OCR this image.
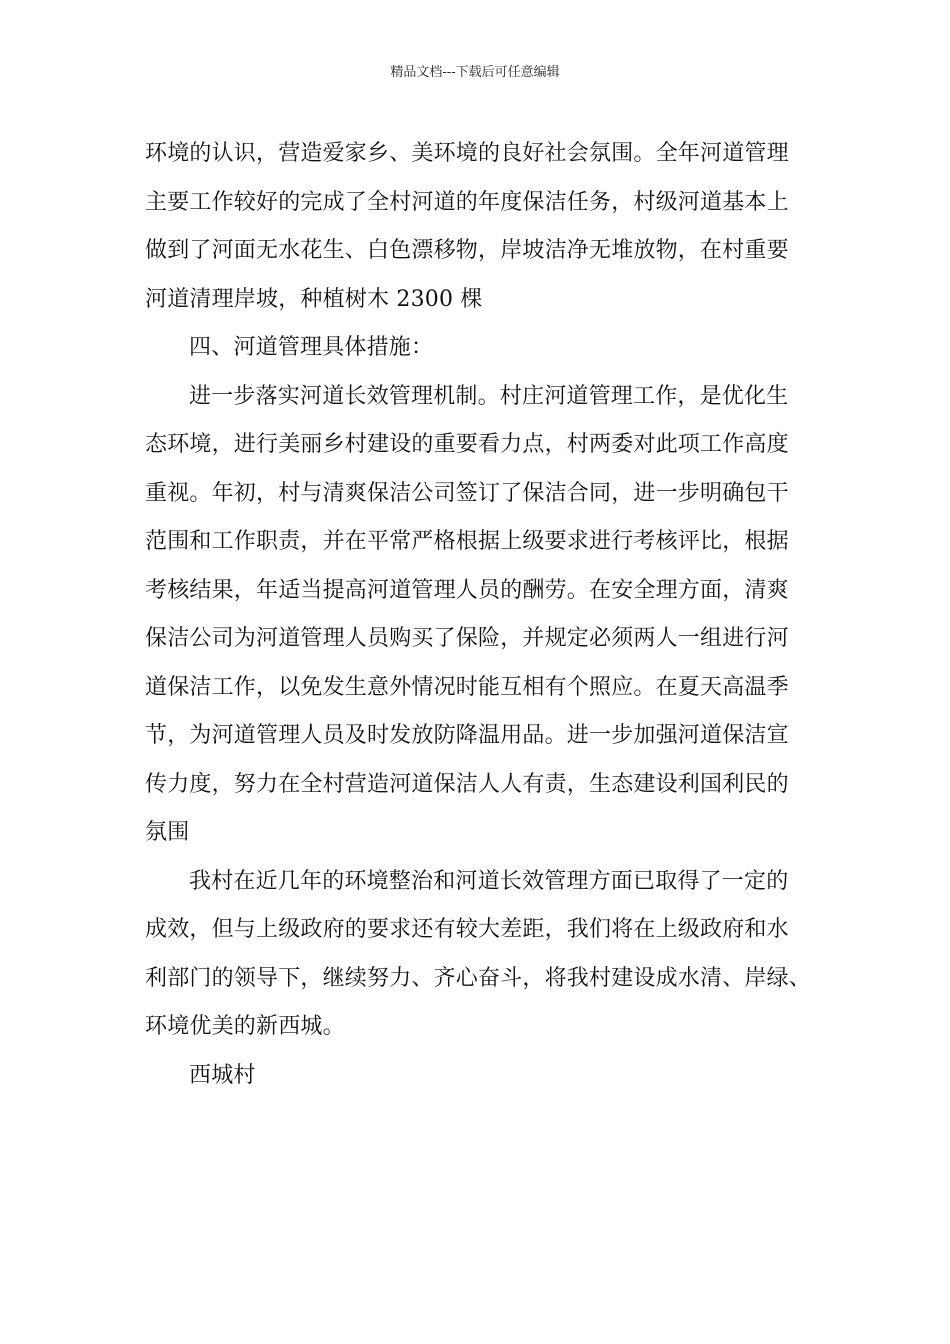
精品文档---下载后可任意编辑
环境的认识，营造爱家乡、美环境的良好社会氛围。全年河道管理
主要工作较好的完成了全村河道的年度保洁任务，村级河道基本上
做到了河面无水花生、白色漂移物，岸坡洁净无堆放物，在村重要
河道清理岸坡，种植树木 2300 棵
四、河道管理具体措施：
进一步落实河道长效管理机制。村庄河道管理工作，是优化生
态环境，进行美丽乡村建设的重要看力点，村两委对此项工作高度
重视。年初，村与清爽保洁公司签订了保洁合同，进一步明确包干
范围和工作职责，并在平常严格根据上级要求进行考核评比，根据
考核结果，年适当提高河道管理人员的酬劳。在安全理方面，清爽
保洁公司为河道管理人员购买了保险，并规定必须两人一组进行河
道保洁工作，以免发生意外情况时能互相有个照应。在夏天高温季
节，为河道管理人员及时发放防降温用品。进一步加强河道保洁宣
传力度，努力在全村营造河道保洁人人有责，生态建设利国利民的
氛围
我村在近几年的环境整治和河道长效管理方面已取得了一定的
成效，但与上级政府的要求还有较大差距，我们将在上级政府和水
利部门的领导下，继续努力、齐心奋斗，将我村建设成水清、岸绿、
环境优美的新西城。
西城村
